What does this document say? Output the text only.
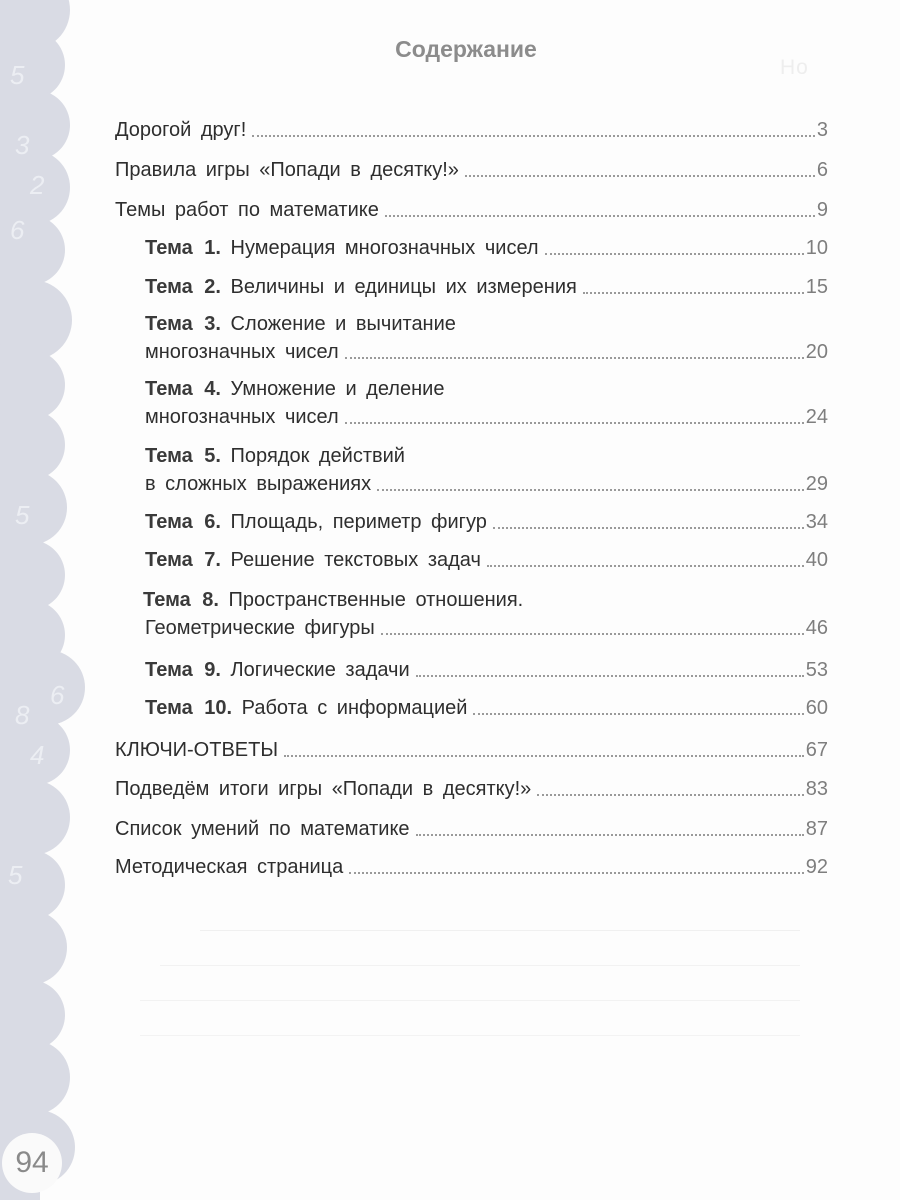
5
3
2
6
5
6
8
4
5
94
Но
Содержание
Дорогой друг!	3
Правила игры «Попади в десятку!»	6
Темы работ по математике	9
Тема 1. Нумерация многозначных чисел	10
Тема 2. Величины и единицы их измерения	15
Тема 3. Сложение и вычитание
многозначных чисел	20
Тема 4. Умножение и деление
многозначных чисел	24
Тема 5. Порядок действий
в сложных выражениях	29
Тема 6. Площадь, периметр фигур	34
Тема 7. Решение текстовых задач	40
Тема 8. Пространственные отношения.
Геометрические фигуры	46
Тема 9. Логические задачи	53
Тема 10. Работа с информацией	60
КЛЮЧИ-ОТВЕТЫ	67
Подведём итоги игры «Попади в десятку!»	83
Список умений по математике	87
Методическая страница	92
